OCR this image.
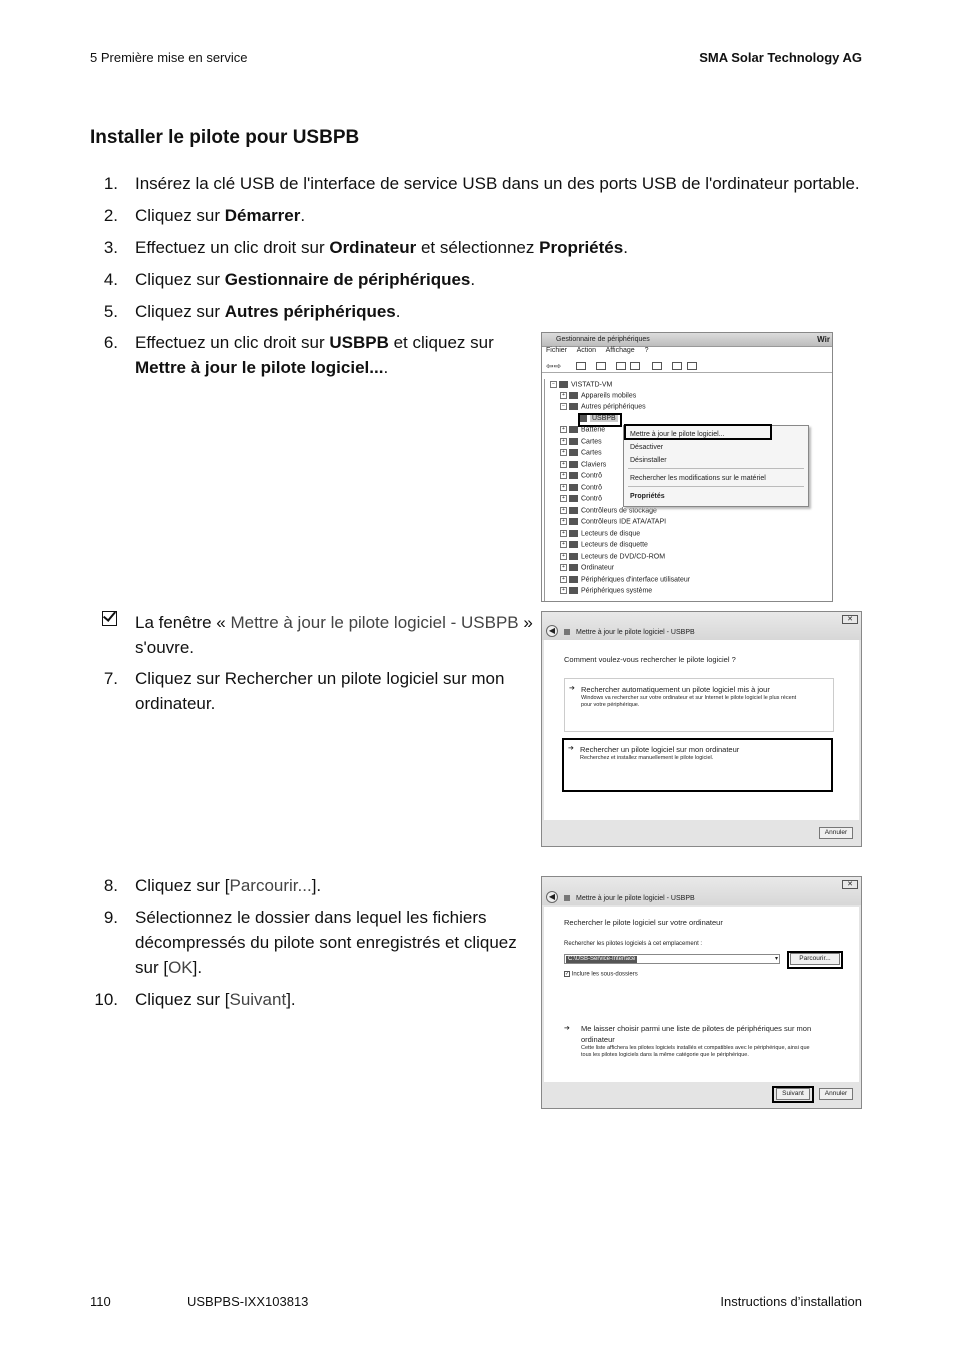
5 Première mise en service	SMA Solar Technology AG
Installer le pilote pour USBPB
1. Insérez la clé USB de l'interface de service USB dans un des ports USB de l'ordinateur portable.
2. Cliquez sur Démarrer.
3. Effectuez un clic droit sur Ordinateur et sélectionnez Propriétés.
4. Cliquez sur Gestionnaire de périphériques.
5. Cliquez sur Autres périphériques.
6. Effectuez un clic droit sur USBPB et cliquez sur
Mettre à jour le pilote logiciel....
La fenêtre « Mettre à jour le pilote logiciel - USBPB »
s'ouvre.
7. Cliquez sur Rechercher un pilote logiciel sur mon
ordinateur.
8. Cliquez sur [Parcourir...].
9. Sélectionnez le dossier dans lequel les fichiers
décompressés du pilote sont enregistrés et cliquez
sur [OK].
10. Cliquez sur [Suivant].
Gestionnaire de périphériques	Wir
Fichier Action Affichage ?
⇦⇨
− VISTATD-VM
+ Appareils mobiles
− Autres périphériques
USBPB
+ Batterie
+ Cartes
+ Cartes
+ Claviers
+ Contrô
+ Contrô
+ Contrô
+ Contrôleurs de stockage
+ Contrôleurs IDE ATA/ATAPI
+ Lecteurs de disque
+ Lecteurs de disquette
+ Lecteurs de DVD/CD-ROM
+ Ordinateur
+ Périphériques d'interface utilisateur
+ Périphériques système
Mettre à jour le pilote logiciel...
Désactiver
Désinstaller
Rechercher les modifications sur le matériel
Propriétés
◀	Mettre à jour le pilote logiciel - USBPB
✕
Comment voulez-vous rechercher le pilote logiciel ?
➔ Rechercher automatiquement un pilote logiciel mis à jour
Windows va rechercher sur votre ordinateur et sur Internet le pilote logiciel le plus récent
pour votre périphérique.
➔ Rechercher un pilote logiciel sur mon ordinateur
Recherchez et installez manuellement le pilote logiciel.
Annuler
◀	Mettre à jour le pilote logiciel - USBPB
✕
Rechercher le pilote logiciel sur votre ordinateur
Rechercher les pilotes logiciels à cet emplacement :
C:\USB-Service-Interface	▾	Parcourir...
✓ Inclure les sous-dossiers
➔ Me laisser choisir parmi une liste de pilotes de périphériques sur mon
ordinateur
Cette liste affichera les pilotes logiciels installés et compatibles avec le périphérique, ainsi que
tous les pilotes logiciels dans la même catégorie que le périphérique.
Suivant	Annuler
110	USBPBS-IXX103813	Instructions d’installation
